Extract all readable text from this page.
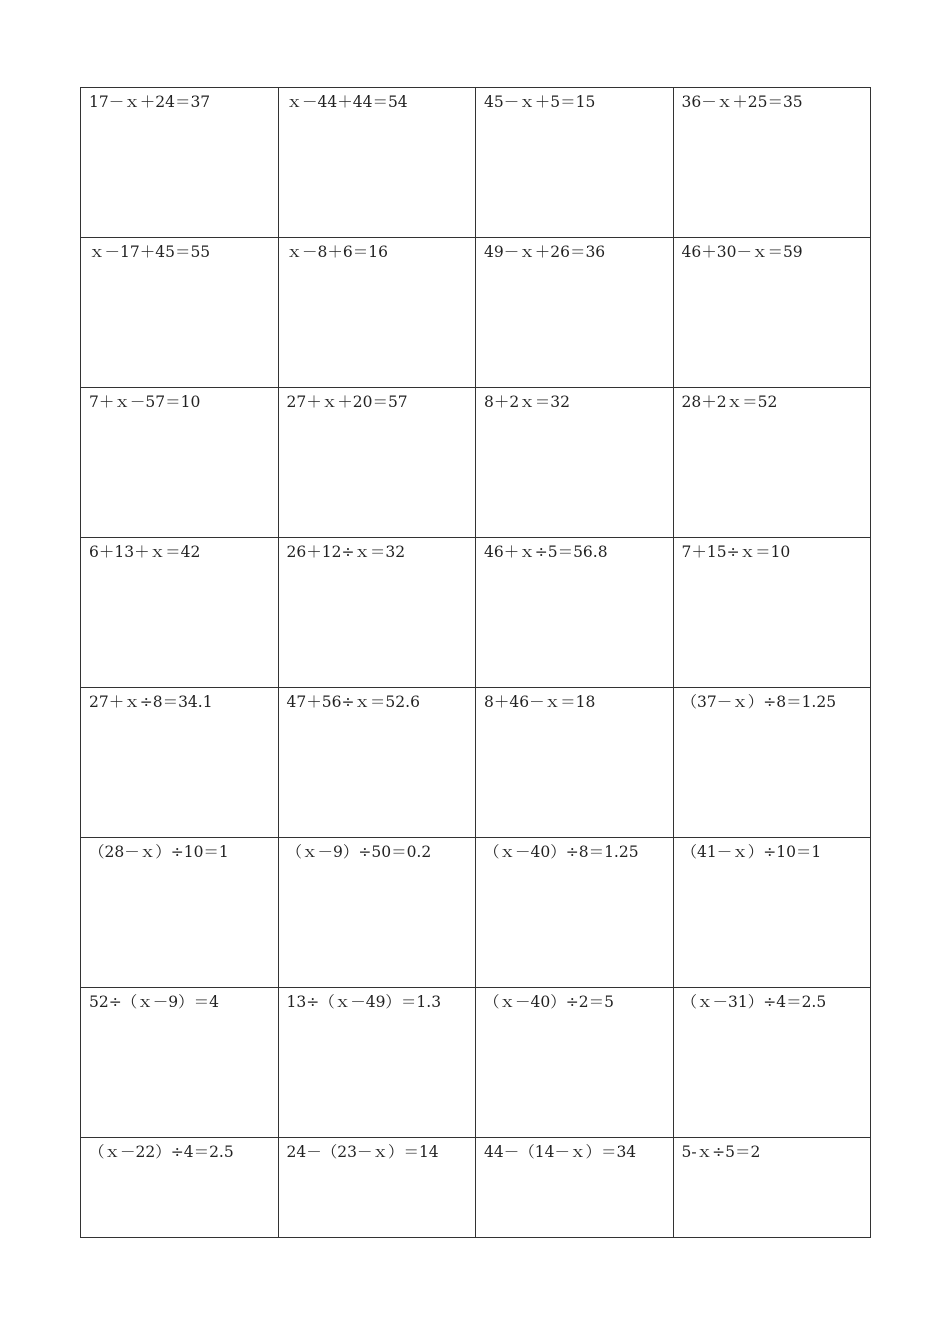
17－ｘ＋24＝37	ｘ－44＋44＝54	45－ｘ＋5＝15	36－ｘ＋25＝35
ｘ－17＋45＝55	ｘ－8＋6＝16	49－ｘ＋26＝36	46＋30－ｘ＝59
7＋ｘ－57＝10	27＋ｘ＋20＝57	8＋2ｘ＝32	28＋2ｘ＝52
6＋13＋ｘ＝42	26＋12÷ｘ＝32	46＋ｘ÷5＝56.8	7＋15÷ｘ＝10
27＋ｘ÷8＝34.1	47＋56÷ｘ＝52.6	8＋46－ｘ＝18	（37－ｘ）÷8＝1.25
（28－ｘ）÷10＝1	（ｘ－9）÷50＝0.2	（ｘ－40）÷8＝1.25	（41－ｘ）÷10＝1
52÷（ｘ－9）＝4	13÷（ｘ－49）＝1.3	（ｘ－40）÷2＝5	（ｘ－31）÷4＝2.5
（ｘ－22）÷4＝2.5	24－（23－ｘ）＝14	44－（14－ｘ）＝34	5-ｘ÷5＝2
